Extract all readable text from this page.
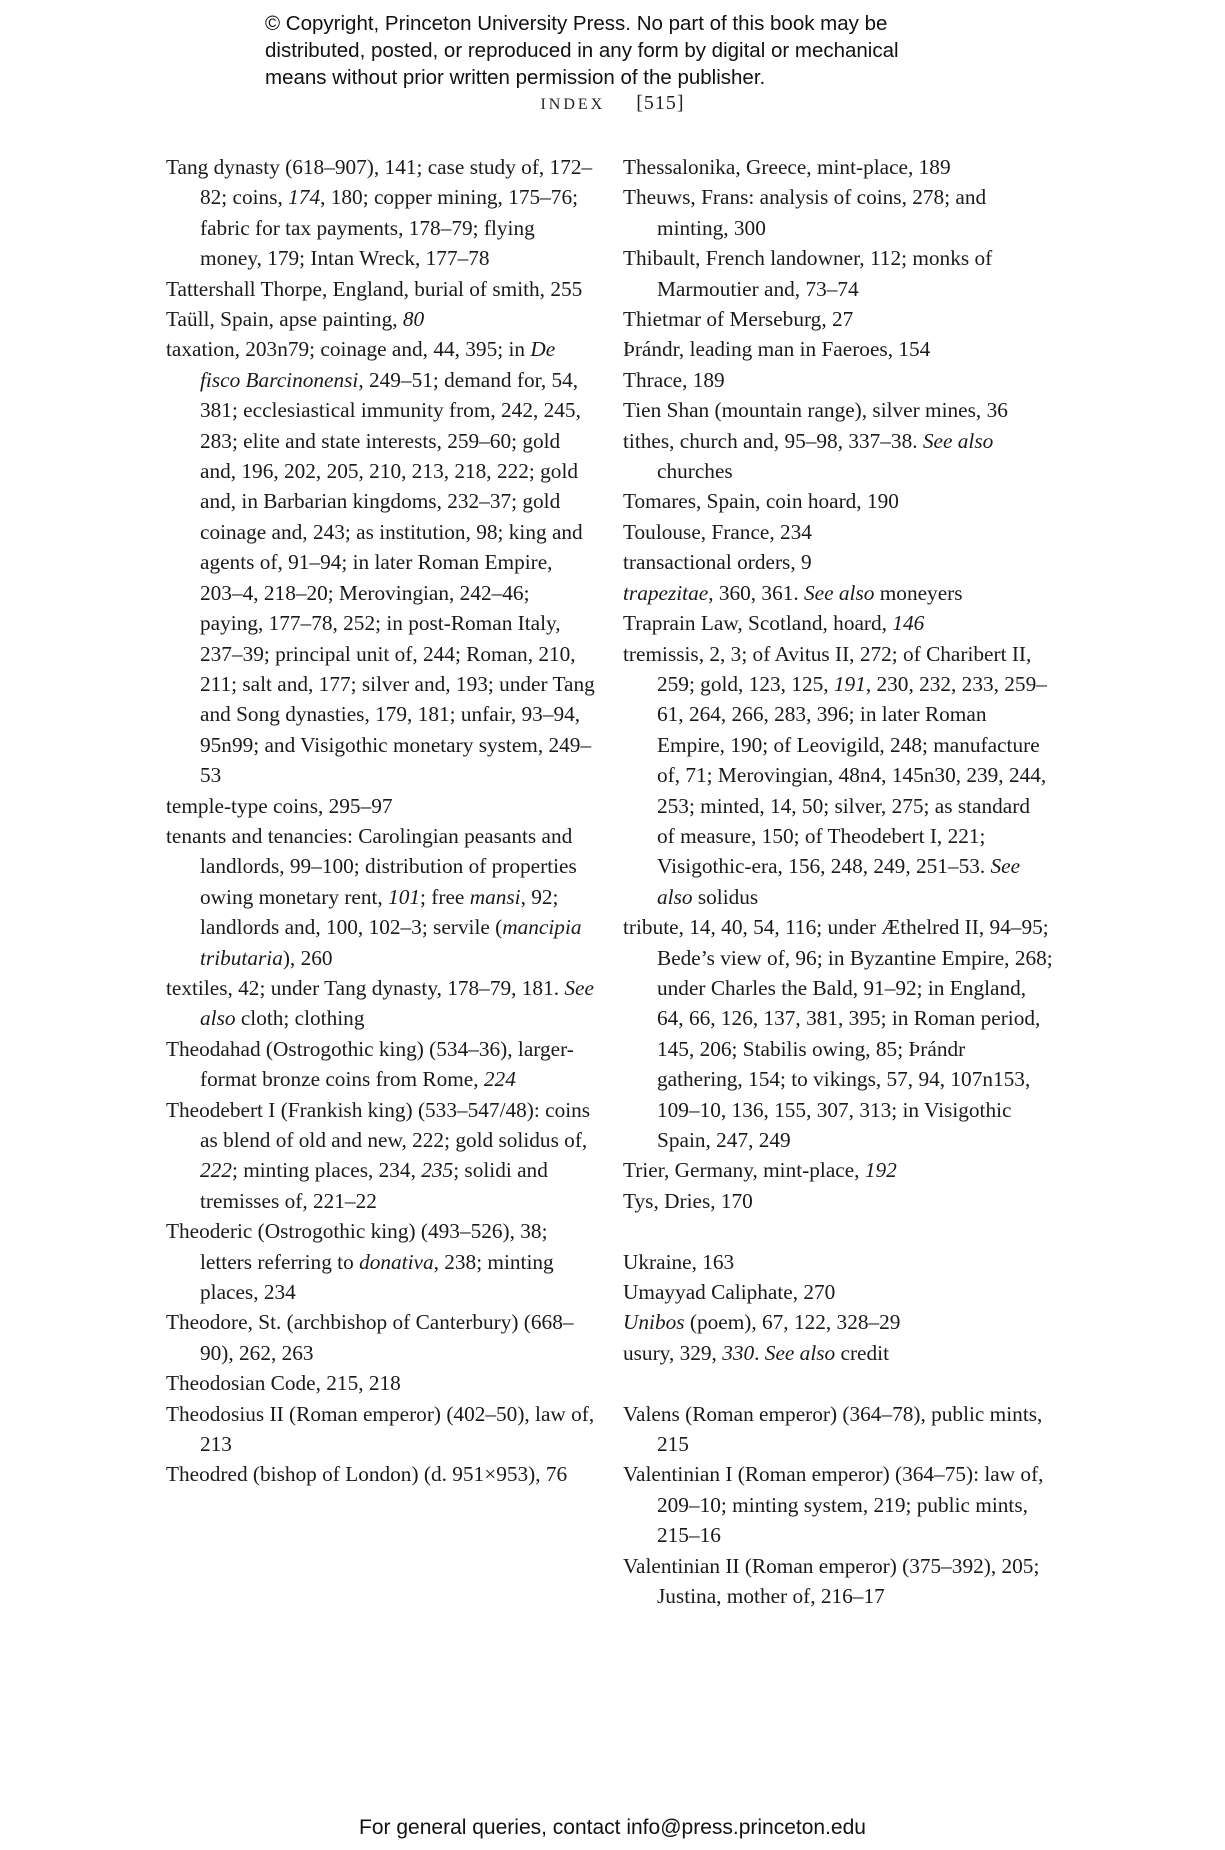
© Copyright, Princeton University Press. No part of this book may be
distributed, posted, or reproduced in any form by digital or mechanical
means without prior written permission of the publisher.
INDEX [515]

Tang dynasty (618–907), 141; case study of, 172–82; coins, 174, 180; copper mining, 175–76; fabric for tax payments, 178–79; flying money, 179; Intan Wreck, 177–78

Tattershall Thorpe, England, burial of smith, 255

Taüll, Spain, apse painting, 80

taxation, 203n79; coinage and, 44, 395; in De fisco Barcinonensi, 249–51; demand for, 54, 381; ecclesiastical immunity from, 242, 245, 283; elite and state interests, 259–60; gold and, 196, 202, 205, 210, 213, 218, 222; gold and, in Barbarian kingdoms, 232–37; gold coinage and, 243; as institution, 98; king and agents of, 91–94; in later Roman Empire, 203–4, 218–20; Merovingian, 242–46; paying, 177–78, 252; in post-Roman Italy, 237–39; principal unit of, 244; Roman, 210, 211; salt and, 177; silver and, 193; under Tang and Song dynasties, 179, 181; unfair, 93–94, 95n99; and Visigothic monetary system, 249–53

temple-type coins, 295–97

tenants and tenancies: Carolingian peasants and landlords, 99–100; distribution of properties owing monetary rent, 101; free mansi, 92; landlords and, 100, 102–3; servile (mancipia tributaria), 260

textiles, 42; under Tang dynasty, 178–79, 181. See also cloth; clothing

Theodahad (Ostrogothic king) (534–36), larger-format bronze coins from Rome, 224

Theodebert I (Frankish king) (533–547/48): coins as blend of old and new, 222; gold solidus of, 222; minting places, 234, 235; solidi and tremisses of, 221–22

Theoderic (Ostrogothic king) (493–526), 38; letters referring to donativa, 238; minting places, 234

Theodore, St. (archbishop of Canterbury) (668–90), 262, 263

Theodosian Code, 215, 218

Theodosius II (Roman emperor) (402–50), law of, 213

Theodred (bishop of London) (d. 951×953), 76

Thessalonika, Greece, mint-place, 189

Theuws, Frans: analysis of coins, 278; and minting, 300

Thibault, French landowner, 112; monks of Marmoutier and, 73–74

Thietmar of Merseburg, 27

Þrándr, leading man in Faeroes, 154

Thrace, 189

Tien Shan (mountain range), silver mines, 36

tithes, church and, 95–98, 337–38. See also churches

Tomares, Spain, coin hoard, 190

Toulouse, France, 234

transactional orders, 9

trapezitae, 360, 361. See also moneyers

Traprain Law, Scotland, hoard, 146

tremissis, 2, 3; of Avitus II, 272; of Charibert II, 259; gold, 123, 125, 191, 230, 232, 233, 259–61, 264, 266, 283, 396; in later Roman Empire, 190; of Leovigild, 248; manufacture of, 71; Merovingian, 48n4, 145n30, 239, 244, 253; minted, 14, 50; silver, 275; as standard of measure, 150; of Theodebert I, 221; Visigothic-era, 156, 248, 249, 251–53. See also solidus

tribute, 14, 40, 54, 116; under Æthelred II, 94–95; Bede’s view of, 96; in Byzantine Empire, 268; under Charles the Bald, 91–92; in England, 64, 66, 126, 137, 381, 395; in Roman period, 145, 206; Stabilis owing, 85; Þrándr gathering, 154; to vikings, 57, 94, 107n153, 109–10, 136, 155, 307, 313; in Visigothic Spain, 247, 249

Trier, Germany, mint-place, 192

Tys, Dries, 170

Ukraine, 163

Umayyad Caliphate, 270

Unibos (poem), 67, 122, 328–29

usury, 329, 330. See also credit

Valens (Roman emperor) (364–78), public mints, 215

Valentinian I (Roman emperor) (364–75): law of, 209–10; minting system, 219; public mints, 215–16

Valentinian II (Roman emperor) (375–392), 205; Justina, mother of, 216–17

For general queries, contact info@press.princeton.edu
